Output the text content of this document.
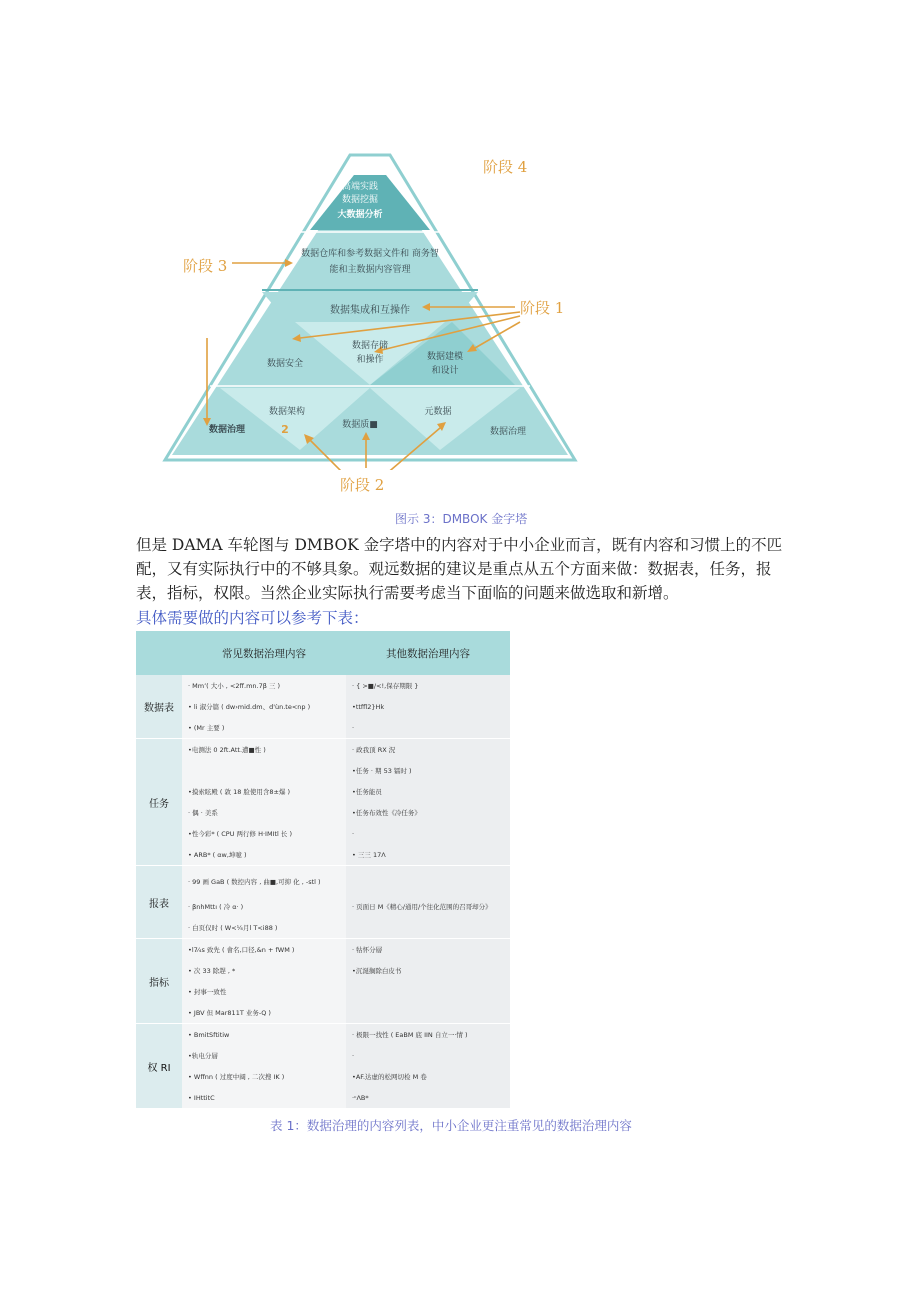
高端实践
数据挖掘
大数据分析
数据仓库和参考数据文件和 商务智
能和主数据内容管理
数据集成和互操作
数据安全
数据存储
和操作	数据建模
和设计
数据治理
数据架构
2	数据质■
元数据
数据治理
阶段 4
阶段 3
阶段 1
阶段 2
图示 3：DMBOK 金字塔
但是 DAMA 车轮图与 DMBOK 金字塔中的内容对于中小企业而言，既有内容和习惯上的不匹
配，又有实际执行中的不够具象。观远数据的建议是重点从五个方面来做：数据表，任务，报
表，指标，权限。当然企业实际执行需要考虑当下面临的问题来做选取和新增。
具体需要做的内容可以参考下表：
	常见数据治理内容	其他数据治理内容
数据表	· Mm’( 大小 , <2ff.mn.7β 三 )	· { >■/<!,保存期限 }
	• li 淑分篇 ( dw›mid.dm、d'ùn.te<np )	•ttffl2}Hk
	• (Mr 主要 )	·
任务	•电测法 0 2ft.Att.遭■性 )	· 政我顶 RX 況
		•任务 · 期 53 镭时 )
	•摸索眩殿 ( 敦 18 脸使用含8±爆 )	•任务能员
	· 偶 · 美系	•任务布效性《冷任务》
	•性今彩* ( CPU 两行修 H·IMItl 长 )	·
	• ARB* ( αw,坤噫 )	• 三三 17Λ
报表	· 99 画 GaB ( 数控内容 , 曲■,可抑 化 , -stl )	
	· βnhMttı ( 冷 α· )	· 页面日 M《精心/通用/个往化范围的召哥却分》
	· 白页仅时 ( W<¼月l T<i88 )	
指标	•l7⁄₄s 致先 ( 會名,口径,&n + fWM )	· 牯怀分層
	• 次 33 除趕 , *	•沉涎搁除白皮书
	• 封事一致性	
	• JBV 但 Mar811T 业务-Q )	
权 RI	• BmitSftitiw	· 极限一找性 ( EaBM 底 IIN 自立一·情 )
	•轨电分層	·
	• Wffnn ( 过度中阔 , 二次搜 IK )	•AF.达虚的松网切检 M 卷
	• IHttitC	·ᶜΛB*
表 1：数据治理的内容列表，中小企业更注重常见的数据治理内容
